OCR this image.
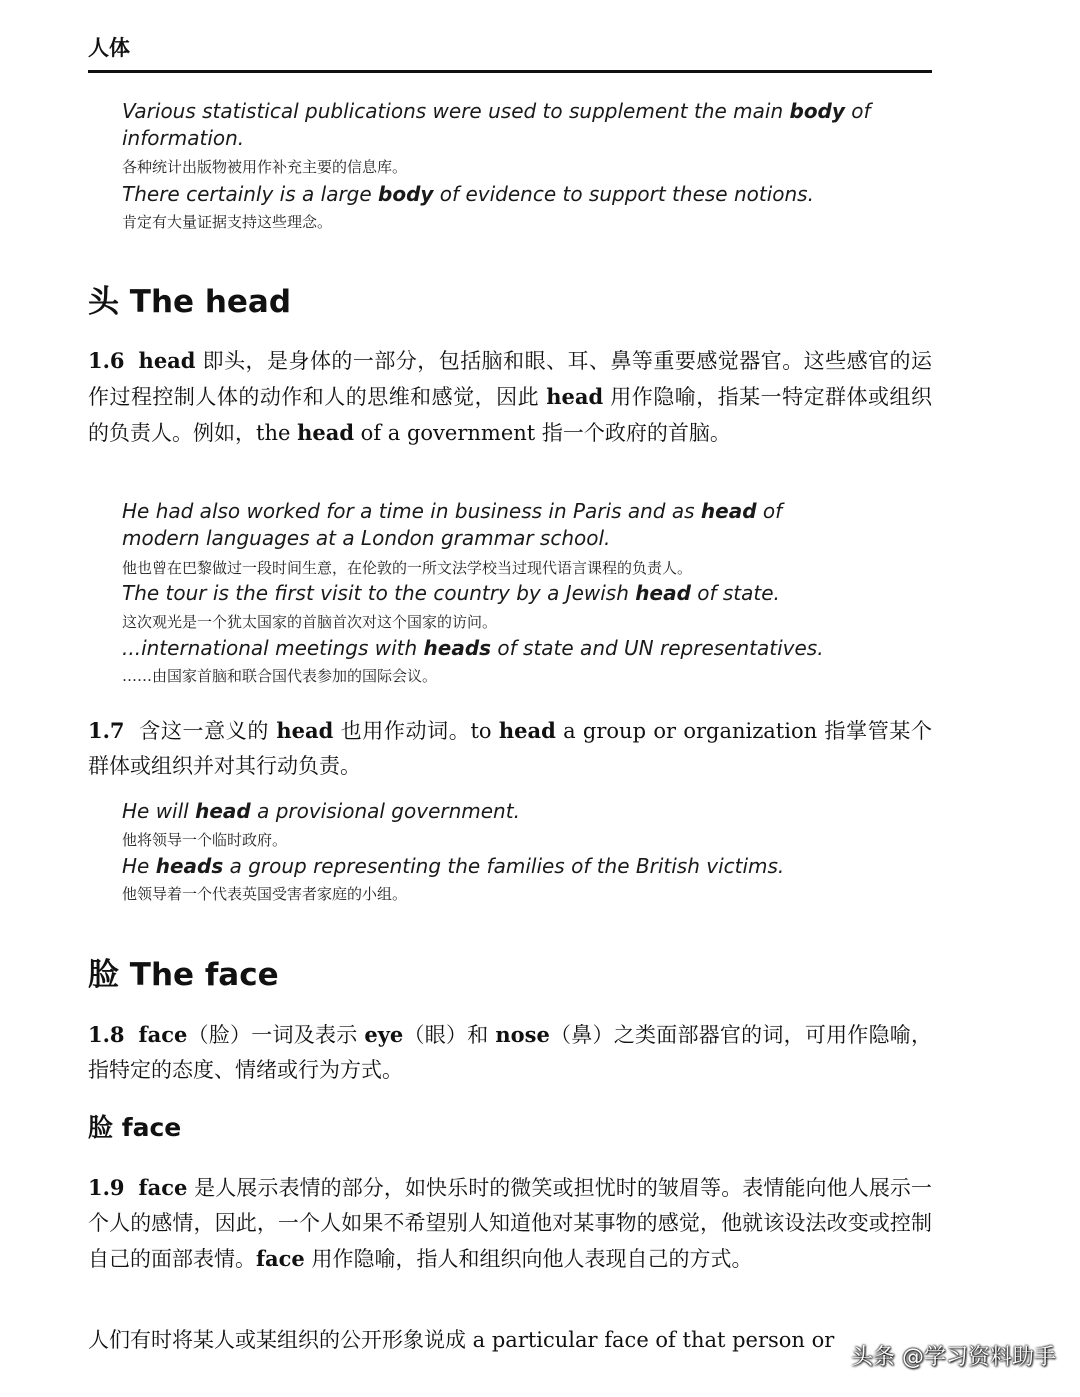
人体
Various statistical publications were used to supplement the main body of information.
各种统计出版物被用作补充主要的信息库。
There certainly is a large body of evidence to support these notions.
肯定有大量证据支持这些理念。
头 The head
1.6 head 即头，是身体的一部分，包括脑和眼、耳、鼻等重要感觉器官。这些感官的运作过程控制人体的动作和人的思维和感觉，因此 head 用作隐喻，指某一特定群体或组织的负责人。例如，the head of a government 指一个政府的首脑。
He had also worked for a time in business in Paris and as head of modern languages at a London grammar school.
他也曾在巴黎做过一段时间生意，在伦敦的一所文法学校当过现代语言课程的负责人。
The tour is the first visit to the country by a Jewish head of state.
这次观光是一个犹太国家的首脑首次对这个国家的访问。
...international meetings with heads of state and UN representatives.
……由国家首脑和联合国代表参加的国际会议。
1.7 含这一意义的 head 也用作动词。to head a group or organization 指掌管某个群体或组织并对其行动负责。
He will head a provisional government.
他将领导一个临时政府。
He heads a group representing the families of the British victims.
他领导着一个代表英国受害者家庭的小组。
脸 The face
1.8 face（脸）一词及表示 eye（眼）和 nose（鼻）之类面部器官的词，可用作隐喻，指特定的态度、情绪或行为方式。
脸 face
1.9 face 是人展示表情的部分，如快乐时的微笑或担忧时的皱眉等。表情能向他人展示一个人的感情，因此，一个人如果不希望别人知道他对某事物的感觉，他就该设法改变或控制自己的面部表情。face 用作隐喻，指人和组织向他人表现自己的方式。
人们有时将某人或某组织的公开形象说成 a particular face of that person or
头条 @学习资料助手
